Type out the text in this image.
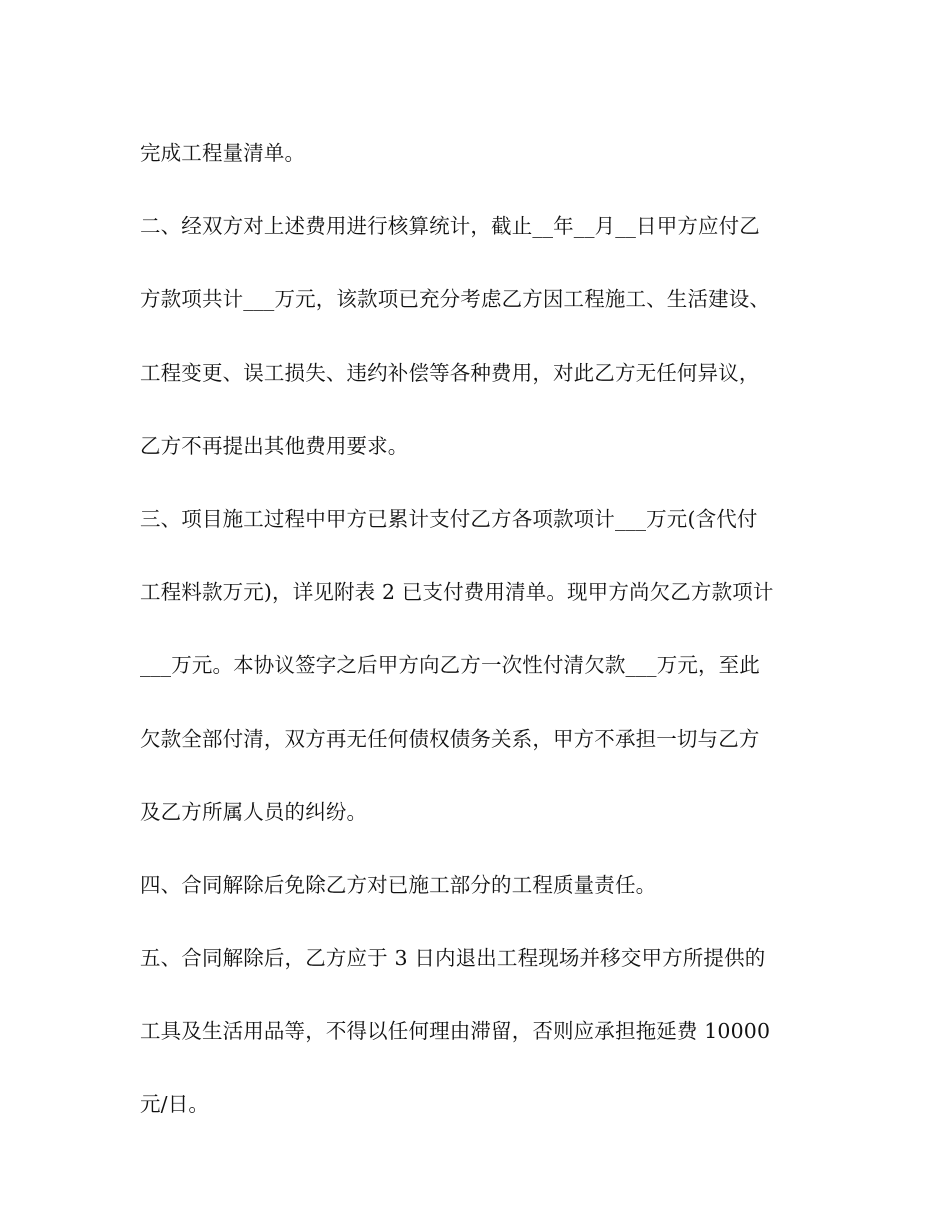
完成工程量清单。
二、经双方对上述费用进行核算统计，截止__年__月__日甲方应付乙
方款项共计___万元，该款项已充分考虑乙方因工程施工、生活建设、
工程变更、误工损失、违约补偿等各种费用，对此乙方无任何异议，
乙方不再提出其他费用要求。
三、项目施工过程中甲方已累计支付乙方各项款项计___万元(含代付
工程料款万元)，详见附表 2 已支付费用清单。现甲方尚欠乙方款项计
___万元。本协议签字之后甲方向乙方一次性付清欠款___万元，至此
欠款全部付清，双方再无任何债权债务关系，甲方不承担一切与乙方
及乙方所属人员的纠纷。
四、合同解除后免除乙方对已施工部分的工程质量责任。
五、合同解除后，乙方应于 3 日内退出工程现场并移交甲方所提供的
工具及生活用品等，不得以任何理由滞留，否则应承担拖延费 10000
元/日。
